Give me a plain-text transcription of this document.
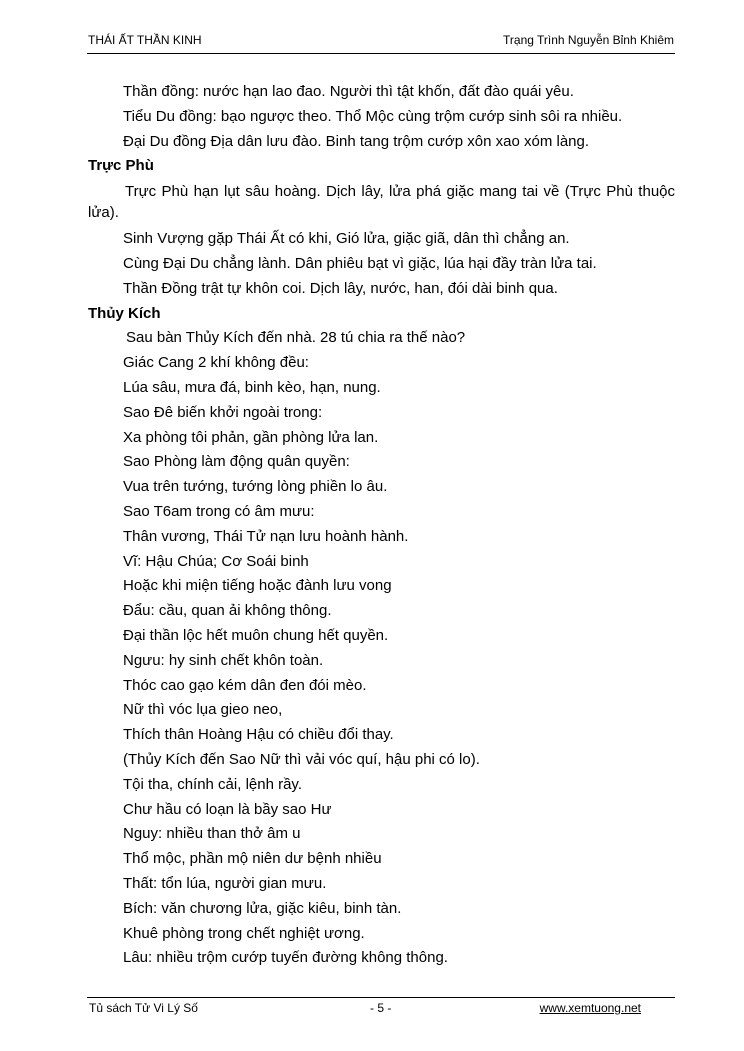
THÁI ẤT THẦN KINH	Trạng Trình Nguyễn Bỉnh Khiêm
Thần đồng: nước hạn lao đao. Người thì tật khốn, đất đào quái yêu.
Tiểu Du đồng: bạo ngược theo. Thổ Mộc cùng trộm cướp sinh sôi ra nhiều.
Đại Du đồng Địa dân lưu đào. Binh tang trộm cướp xôn xao xóm làng.
Trực Phù
Trực Phù hạn lụt sâu hoàng. Dịch lây, lửa phá giặc mang tai về (Trực Phù thuộc lửa).
Sinh Vượng gặp Thái Ất có khi, Gió lửa, giặc giã, dân thì chẳng an.
Cùng Đại Du chẳng lành. Dân phiêu bạt vì giặc, lúa hại đầy tràn lửa tai.
Thần Đồng trật tự khôn coi. Dịch lây, nước, han, đói dài binh qua.
Thủy Kích
Sau bàn Thủy Kích đến nhà. 28 tú chia ra thế nào?
Giác Cang 2 khí không đều:
Lúa sâu, mưa đá, binh kèo, hạn, nung.
Sao Đê biến khởi ngoài trong:
Xa phòng tôi phản, gần phòng lửa lan.
Sao Phòng làm động quân quyền:
Vua trên tướng, tướng lòng phiền lo âu.
Sao T6am trong có âm mưu:
Thân vương, Thái Tử nạn lưu hoành hành.
Vĩ: Hậu Chúa; Cơ Soái binh
Hoặc khi miện tiếng hoặc đành lưu vong
Đẩu: cầu, quan ải không thông.
Đại thần lộc hết muôn chung hết quyền.
Ngưu: hy sinh chết khôn toàn.
Thóc cao gạo kém dân đen đói mèo.
Nữ thì vóc lụa gieo neo,
Thích thân Hoàng Hậu có chiều đổi thay.
(Thủy Kích đến Sao Nữ thì vải vóc quí, hậu phi có lo).
Tội tha, chính cải, lệnh rầy.
Chư hầu có loạn là bầy sao Hư
Nguy: nhiều than thở âm u
Thổ mộc, phần mộ niên dư bệnh nhiều
Thất: tổn lúa, người gian mưu.
Bích: văn chương lửa, giặc kiêu, binh tàn.
Khuê phòng trong chết nghiệt ương.
Lâu: nhiều trộm cướp tuyến đường không thông.
Tủ sách Tử Vi Lý Số	- 5 -	www.xemtuong.net
